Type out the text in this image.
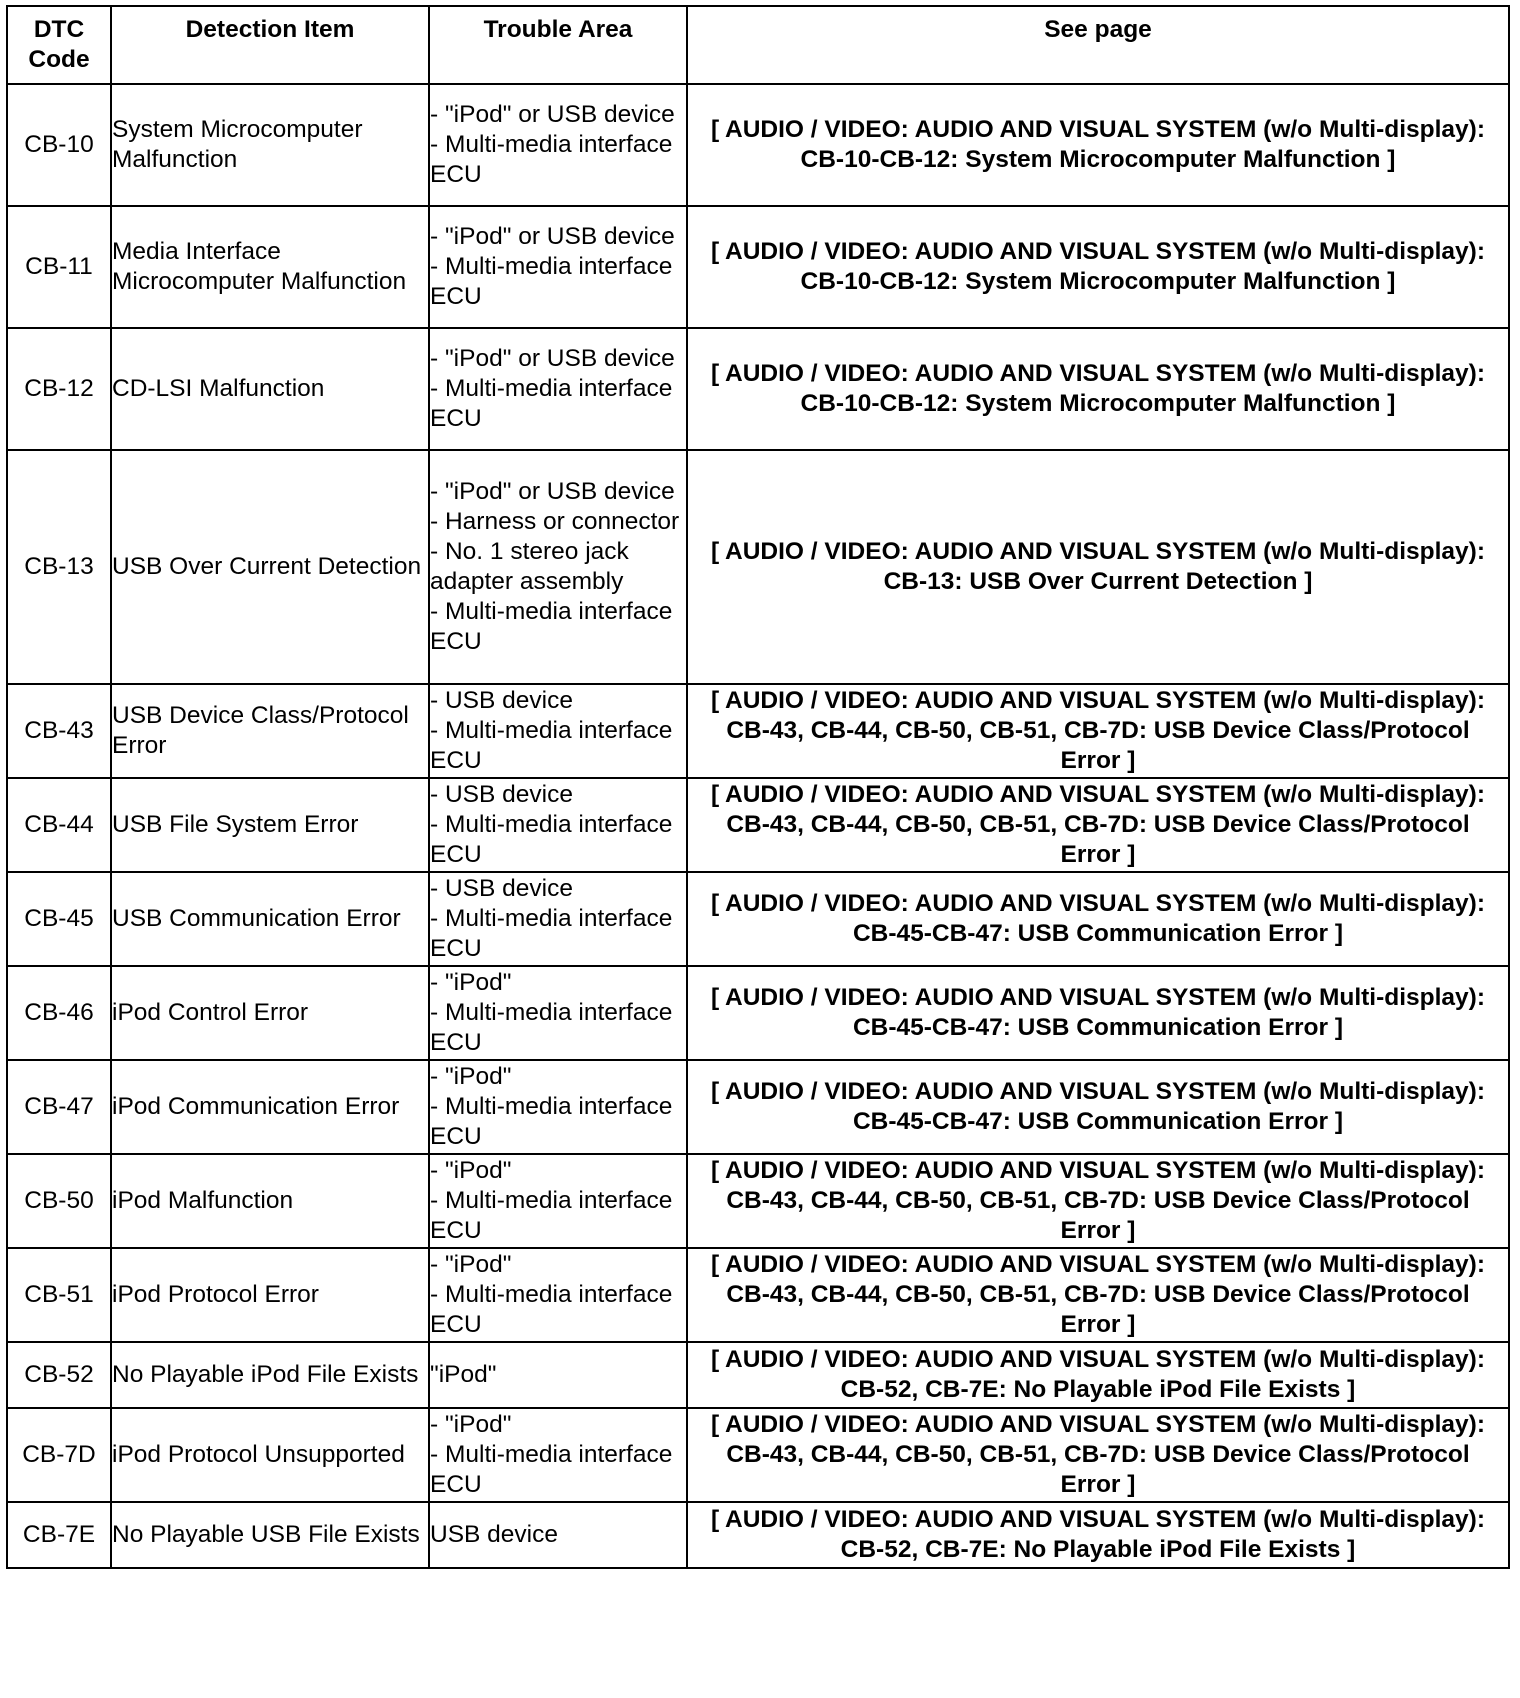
DTC
Code	Detection Item	Trouble Area	See page
CB-10	System Microcomputer Malfunction	- "iPod" or USB device
- Multi-media interface ECU	[ AUDIO / VIDEO: AUDIO AND VISUAL SYSTEM (w/o Multi-display):
CB-10-CB-12: System Microcomputer Malfunction ]

CB-11	Media Interface Microcomputer Malfunction	- "iPod" or USB device
- Multi-media interface ECU	[ AUDIO / VIDEO: AUDIO AND VISUAL SYSTEM (w/o Multi-display):
CB-10-CB-12: System Microcomputer Malfunction ]

CB-12	CD-LSI Malfunction	- "iPod" or USB device
- Multi-media interface ECU	[ AUDIO / VIDEO: AUDIO AND VISUAL SYSTEM (w/o Multi-display):
CB-10-CB-12: System Microcomputer Malfunction ]

CB-13	USB Over Current Detection	- "iPod" or USB device
- Harness or connector
- No. 1 stereo jack adapter assembly
- Multi-media interface ECU	[ AUDIO / VIDEO: AUDIO AND VISUAL SYSTEM (w/o Multi-display):
CB-13: USB Over Current Detection ]

CB-43	USB Device Class/Protocol Error	- USB device
- Multi-media interface ECU	[ AUDIO / VIDEO: AUDIO AND VISUAL SYSTEM (w/o Multi-display):
CB-43, CB-44, CB-50, CB-51, CB-7D: USB Device Class/Protocol
Error ]

CB-44	USB File System Error	- USB device
- Multi-media interface ECU	[ AUDIO / VIDEO: AUDIO AND VISUAL SYSTEM (w/o Multi-display):
CB-43, CB-44, CB-50, CB-51, CB-7D: USB Device Class/Protocol
Error ]

CB-45	USB Communication Error	- USB device
- Multi-media interface ECU	[ AUDIO / VIDEO: AUDIO AND VISUAL SYSTEM (w/o Multi-display):
CB-45-CB-47: USB Communication Error ]

CB-46	iPod Control Error	- "iPod"
- Multi-media interface ECU	[ AUDIO / VIDEO: AUDIO AND VISUAL SYSTEM (w/o Multi-display):
CB-45-CB-47: USB Communication Error ]

CB-47	iPod Communication Error	- "iPod"
- Multi-media interface ECU	[ AUDIO / VIDEO: AUDIO AND VISUAL SYSTEM (w/o Multi-display):
CB-45-CB-47: USB Communication Error ]

CB-50	iPod Malfunction	- "iPod"
- Multi-media interface ECU	[ AUDIO / VIDEO: AUDIO AND VISUAL SYSTEM (w/o Multi-display):
CB-43, CB-44, CB-50, CB-51, CB-7D: USB Device Class/Protocol
Error ]

CB-51	iPod Protocol Error	- "iPod"
- Multi-media interface ECU	[ AUDIO / VIDEO: AUDIO AND VISUAL SYSTEM (w/o Multi-display):
CB-43, CB-44, CB-50, CB-51, CB-7D: USB Device Class/Protocol
Error ]

CB-52	No Playable iPod File Exists	"iPod"	[ AUDIO / VIDEO: AUDIO AND VISUAL SYSTEM (w/o Multi-display):
CB-52, CB-7E: No Playable iPod File Exists ]

CB-7D	iPod Protocol Unsupported	- "iPod"
- Multi-media interface ECU	[ AUDIO / VIDEO: AUDIO AND VISUAL SYSTEM (w/o Multi-display):
CB-43, CB-44, CB-50, CB-51, CB-7D: USB Device Class/Protocol
Error ]

CB-7E	No Playable USB File Exists	USB device	[ AUDIO / VIDEO: AUDIO AND VISUAL SYSTEM (w/o Multi-display):
CB-52, CB-7E: No Playable iPod File Exists ]
